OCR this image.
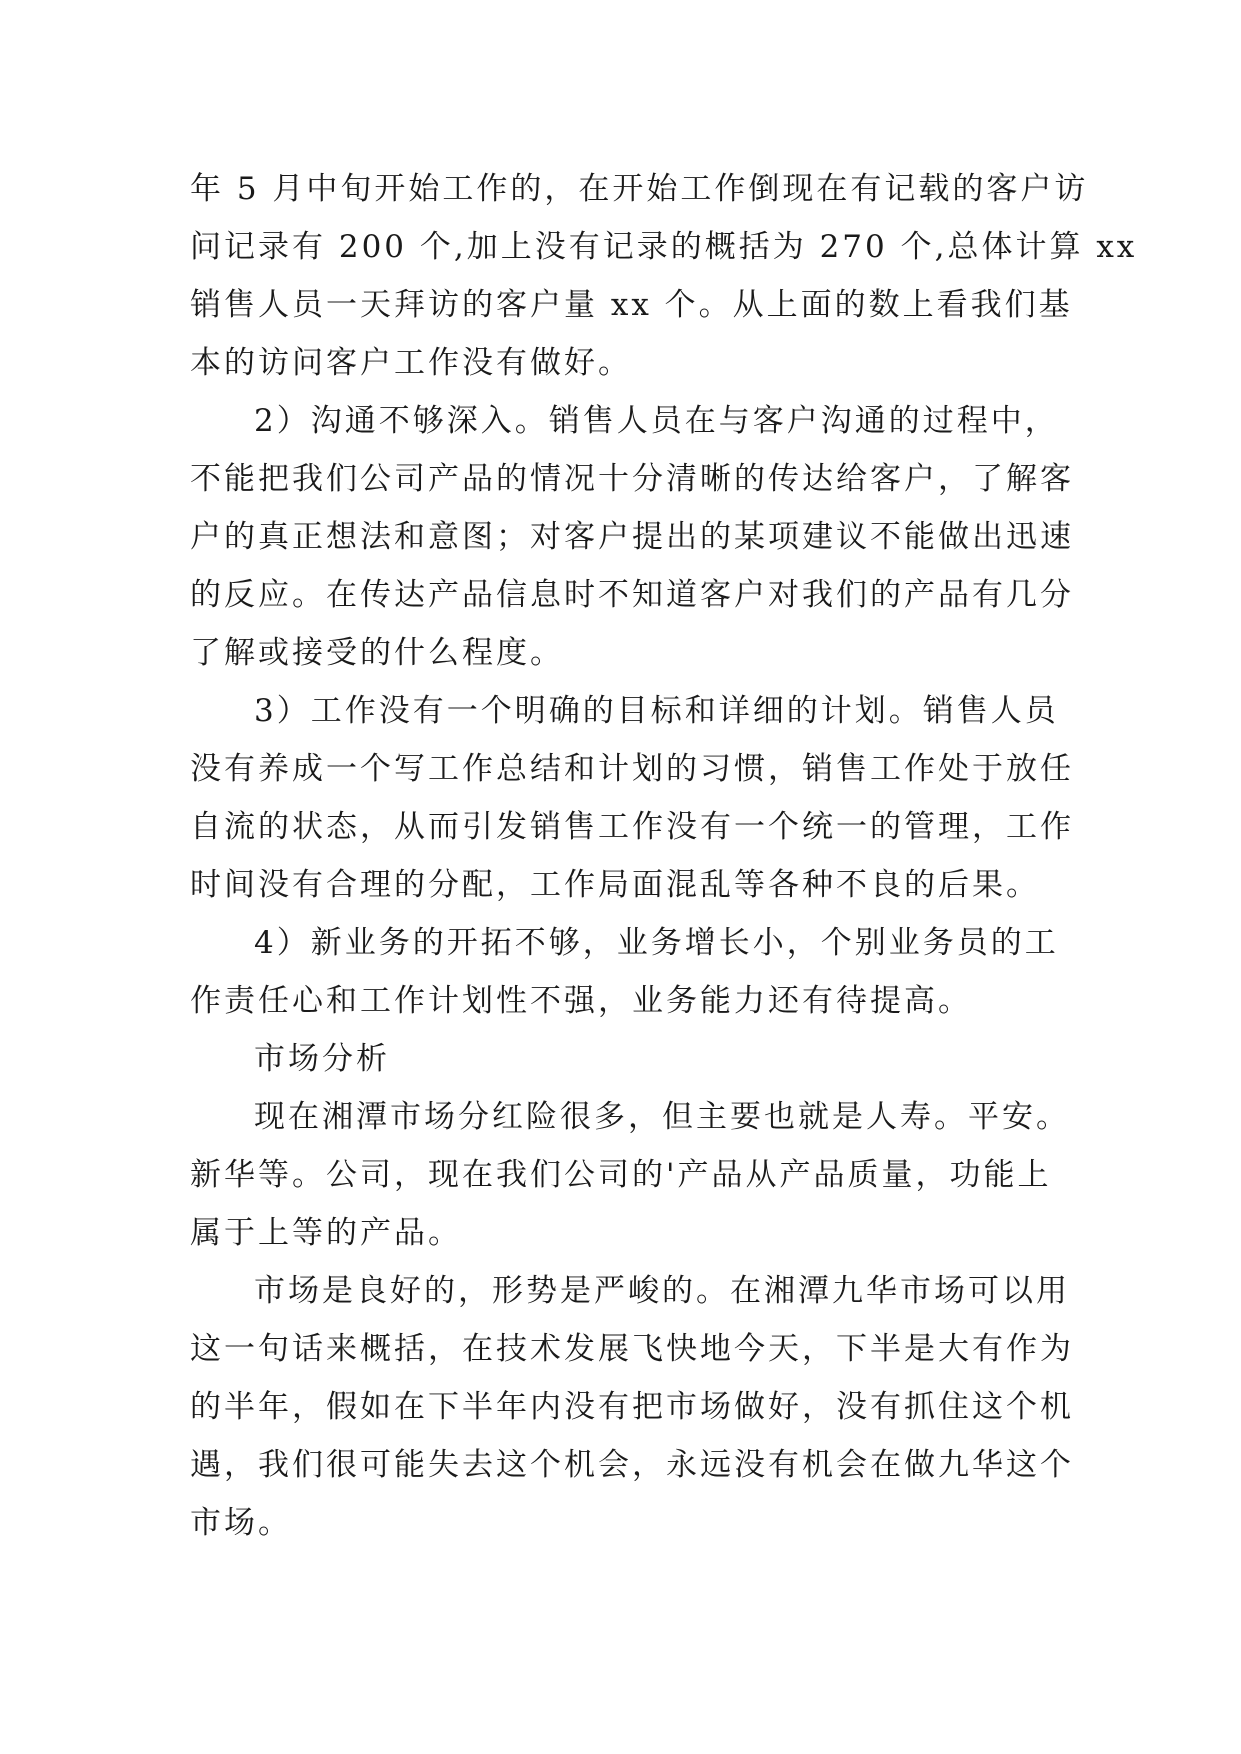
年 5 月中旬开始工作的，在开始工作倒现在有记载的客户访
问记录有 200 个,加上没有记录的概括为 270 个,总体计算 xx
销售人员一天拜访的客户量 xx 个。从上面的数上看我们基
本的访问客户工作没有做好。
2）沟通不够深入。销售人员在与客户沟通的过程中，
不能把我们公司产品的情况十分清晰的传达给客户，了解客
户的真正想法和意图；对客户提出的某项建议不能做出迅速
的反应。在传达产品信息时不知道客户对我们的产品有几分
了解或接受的什么程度。
3）工作没有一个明确的目标和详细的计划。销售人员
没有养成一个写工作总结和计划的习惯，销售工作处于放任
自流的状态，从而引发销售工作没有一个统一的管理，工作
时间没有合理的分配，工作局面混乱等各种不良的后果。
4）新业务的开拓不够，业务增长小，个别业务员的工
作责任心和工作计划性不强，业务能力还有待提高。
市场分析
现在湘潭市场分红险很多，但主要也就是人寿。平安。
新华等。公司，现在我们公司的'产品从产品质量，功能上
属于上等的产品。
市场是良好的，形势是严峻的。在湘潭九华市场可以用
这一句话来概括，在技术发展飞快地今天，下半是大有作为
的半年，假如在下半年内没有把市场做好，没有抓住这个机
遇，我们很可能失去这个机会，永远没有机会在做九华这个
市场。
